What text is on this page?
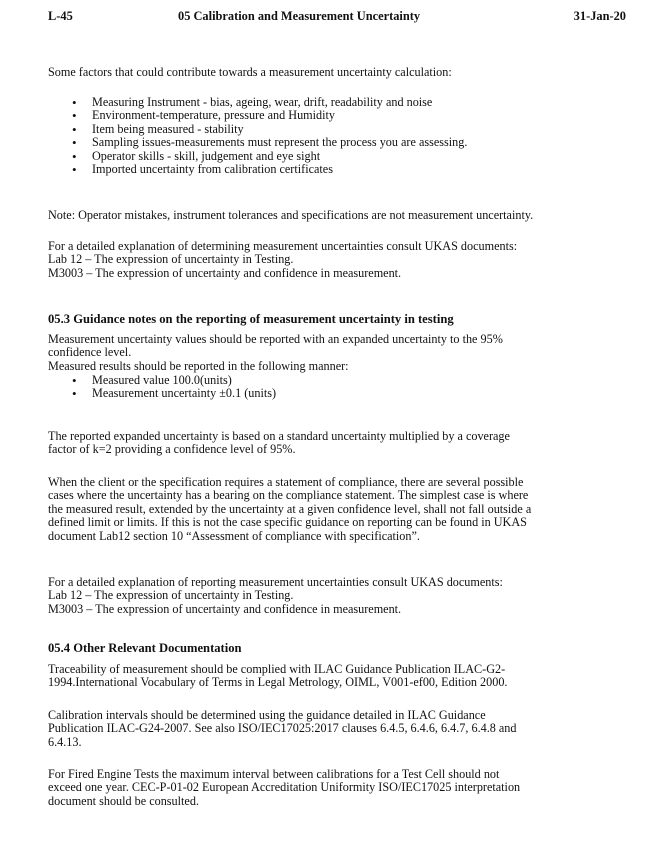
L-45	05 Calibration and Measurement Uncertainty	31-Jan-20
Some factors that could contribute towards a measurement uncertainty calculation:
• Measuring Instrument - bias, ageing, wear, drift, readability and noise
• Environment-temperature, pressure and Humidity
• Item being measured - stability
• Sampling issues-measurements must represent the process you are assessing.
• Operator skills - skill, judgement and eye sight
• Imported uncertainty from calibration certificates
Note: Operator mistakes, instrument tolerances and specifications are not measurement uncertainty.
For a detailed explanation of determining measurement uncertainties consult UKAS documents:
Lab 12 – The expression of uncertainty in Testing.
M3003 – The expression of uncertainty and confidence in measurement.
05.3 Guidance notes on the reporting of measurement uncertainty in testing
Measurement uncertainty values should be reported with an expanded uncertainty to the 95%
confidence level.
Measured results should be reported in the following manner:
• Measured value 100.0(units)
• Measurement uncertainty ±0.1 (units)
The reported expanded uncertainty is based on a standard uncertainty multiplied by a coverage
factor of k=2 providing a confidence level of 95%.
When the client or the specification requires a statement of compliance, there are several possible
cases where the uncertainty has a bearing on the compliance statement. The simplest case is where
the measured result, extended by the uncertainty at a given confidence level, shall not fall outside a
defined limit or limits. If this is not the case specific guidance on reporting can be found in UKAS
document Lab12 section 10 “Assessment of compliance with specification”.
For a detailed explanation of reporting measurement uncertainties consult UKAS documents:
Lab 12 – The expression of uncertainty in Testing.
M3003 – The expression of uncertainty and confidence in measurement.
05.4 Other Relevant Documentation
Traceability of measurement should be complied with ILAC Guidance Publication ILAC-G2-
1994.International Vocabulary of Terms in Legal Metrology, OIML, V001-ef00, Edition 2000.
Calibration intervals should be determined using the guidance detailed in ILAC Guidance
Publication ILAC-G24-2007. See also ISO/IEC17025:2017 clauses 6.4.5, 6.4.6, 6.4.7, 6.4.8 and
6.4.13.
For Fired Engine Tests the maximum interval between calibrations for a Test Cell should not
exceed one year. CEC-P-01-02 European Accreditation Uniformity ISO/IEC17025 interpretation
document should be consulted.
